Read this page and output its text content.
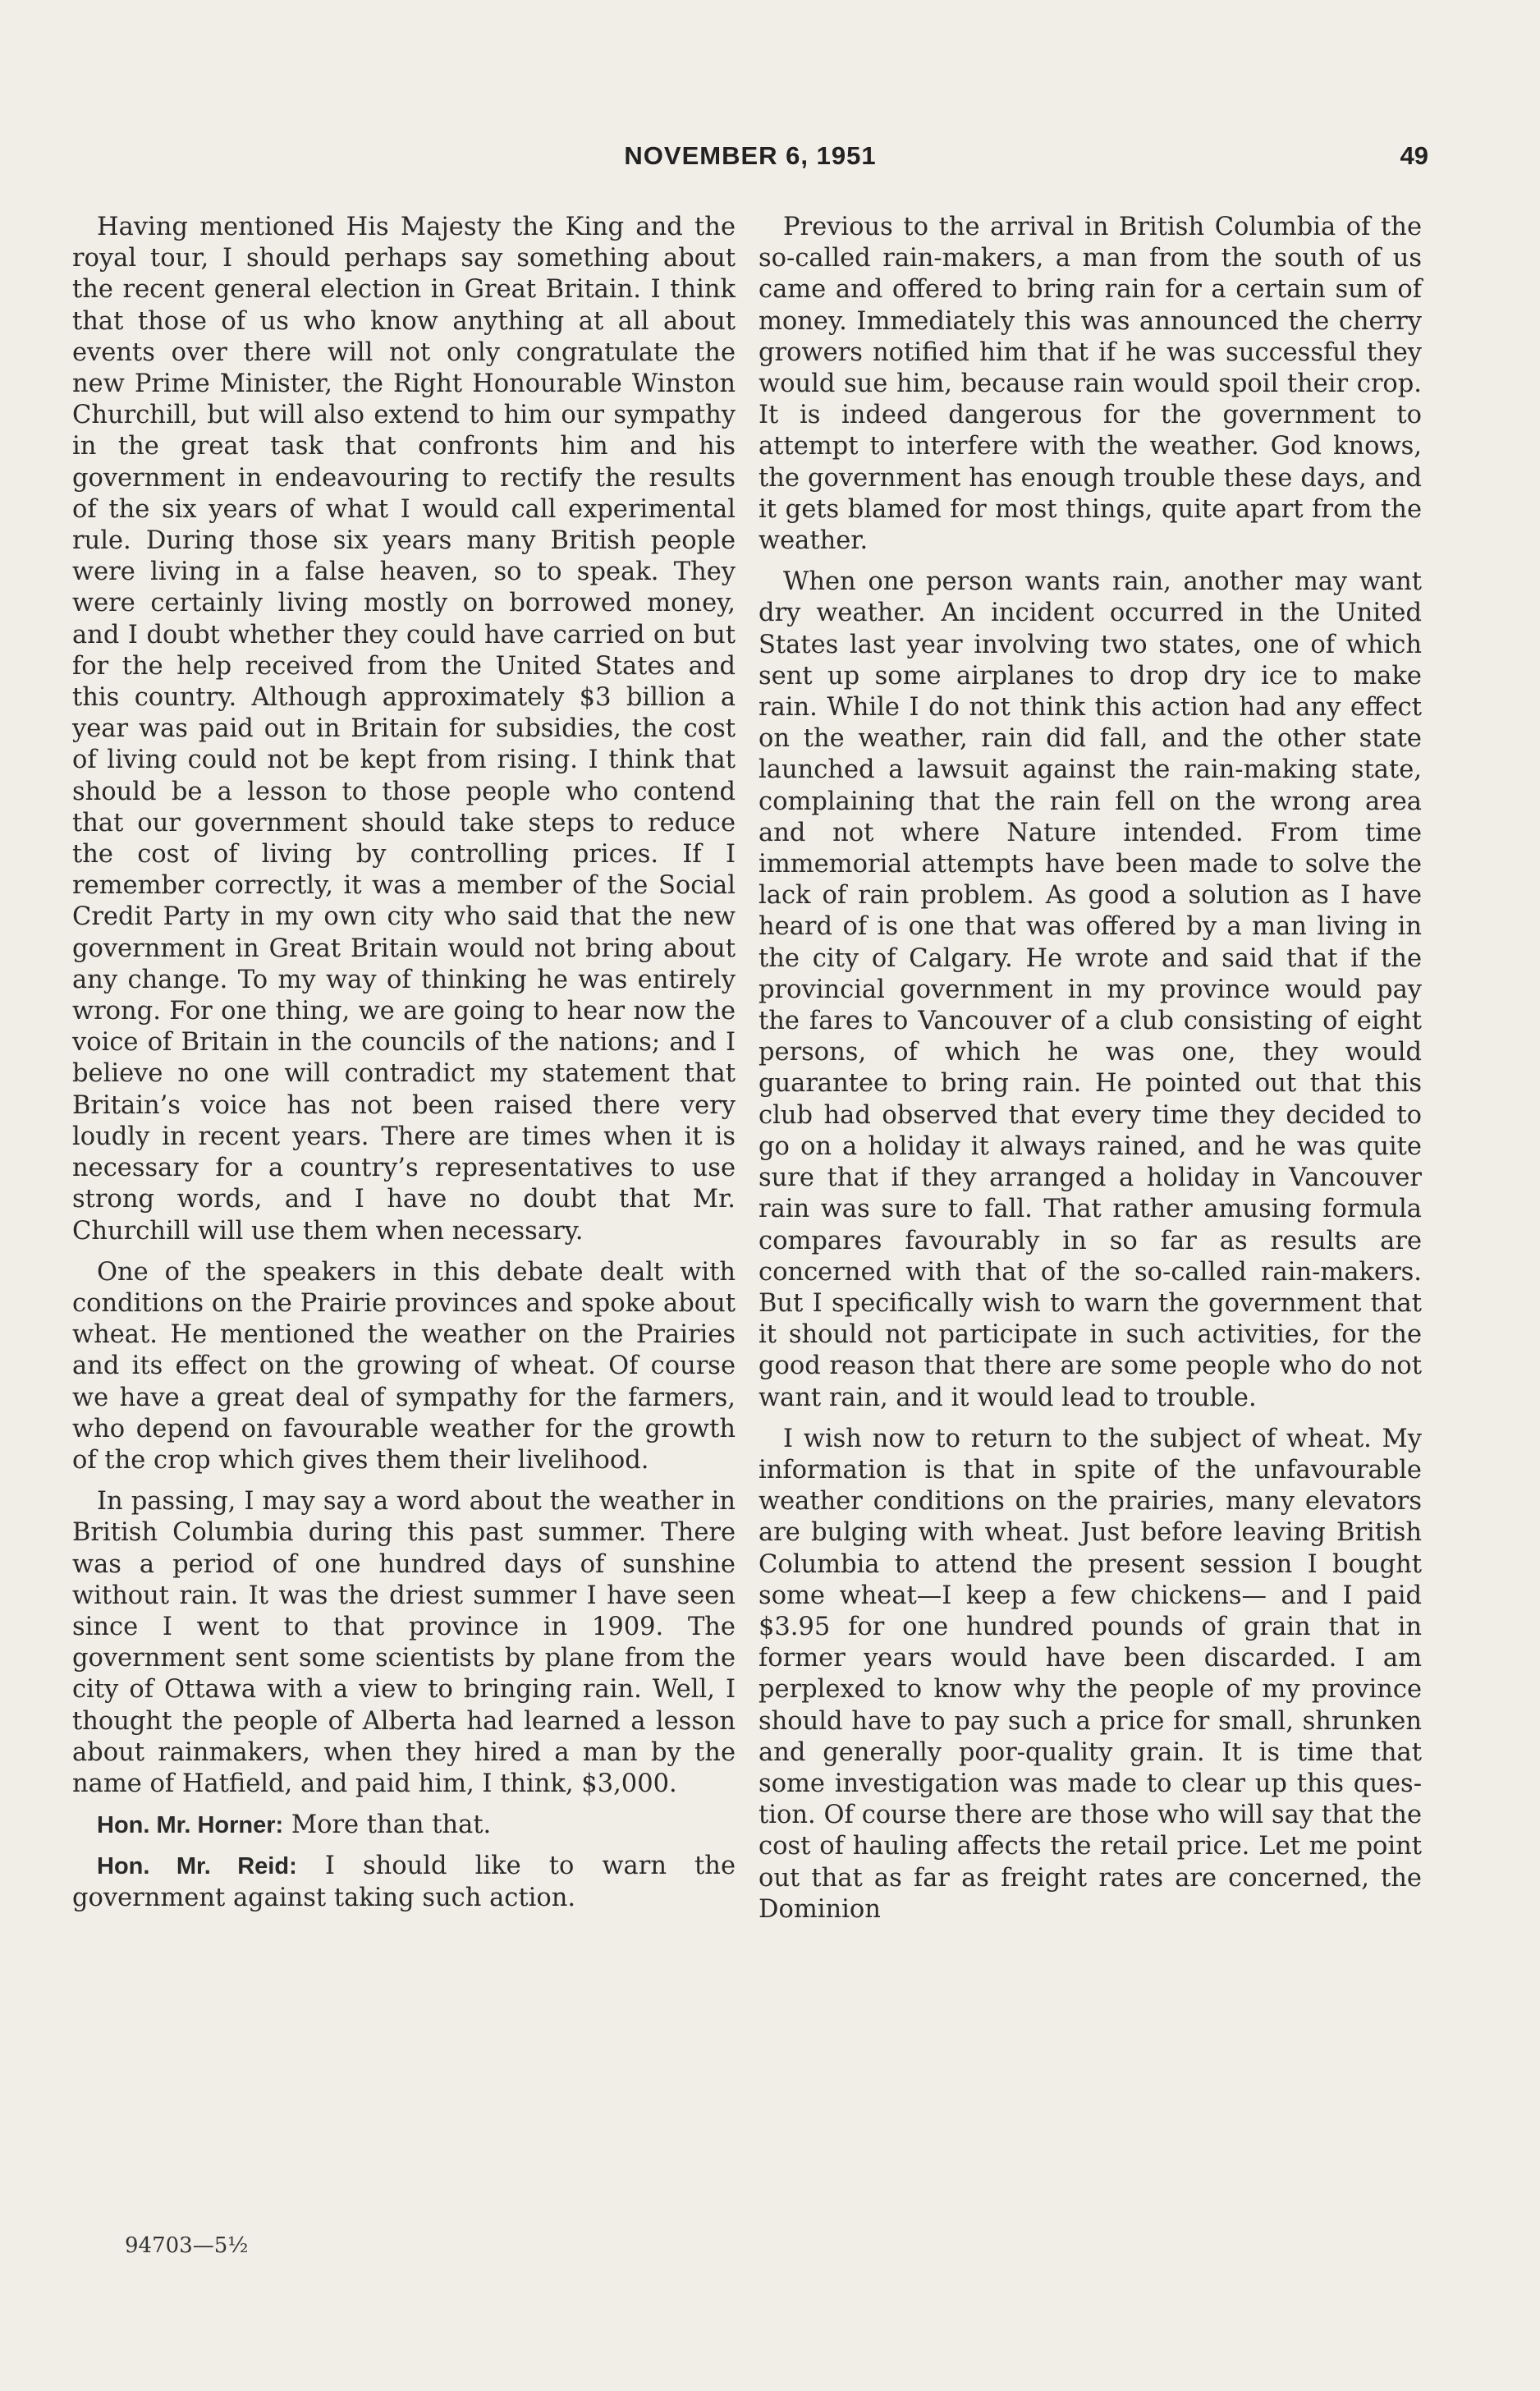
NOVEMBER 6, 1951	49

Having mentioned His Majesty the King and the royal tour, I should perhaps say something about the recent general election in Great Britain. I think that those of us who know anything at all about events over there will not only congratulate the new Prime Minister, the Right Honourable Winston Churchill, but will also extend to him our sympathy in the great task that confronts him and his government in endeavouring to rectify the results of the six years of what I would call experimental rule. During those six years many British people were living in a false heaven, so to speak. They were certainly living mostly on borrowed money, and I doubt whether they could have carried on but for the help received from the United States and this country. Although approximately $3 billion a year was paid out in Britain for subsidies, the cost of living could not be kept from rising. I think that should be a lesson to those people who contend that our government should take steps to reduce the cost of living by controlling prices. If I remember correctly, it was a member of the Social Credit Party in my own city who said that the new government in Great Britain would not bring about any change. To my way of thinking he was entirely wrong. For one thing, we are going to hear now the voice of Britain in the councils of the nations; and I believe no one will contradict my statement that Britain’s voice has not been raised there very loudly in recent years. There are times when it is necessary for a country’s representatives to use strong words, and I have no doubt that Mr. Churchill will use them when necessary.

One of the speakers in this debate dealt with conditions on the Prairie provinces and spoke about wheat. He mentioned the weather on the Prairies and its effect on the growing of wheat. Of course we have a great deal of sympathy for the farmers, who depend on favourable weather for the growth of the crop which gives them their livelihood.

In passing, I may say a word about the weather in British Columbia during this past summer. There was a period of one hundred days of sunshine without rain. It was the driest summer I have seen since I went to that province in 1909. The government sent some scientists by plane from the city of Ottawa with a view to bringing rain. Well, I thought the people of Alberta had learned a lesson about rainmakers, when they hired a man by the name of Hatfield, and paid him, I think, $3,000.

Hon. Mr. Horner: More than that.

Hon. Mr. Reid: I should like to warn the government against taking such action.

Previous to the arrival in British Columbia of the so-called rain-makers, a man from the south of us came and offered to bring rain for a certain sum of money. Immediately this was announced the cherry growers notified him that if he was successful they would sue him, because rain would spoil their crop. It is indeed dangerous for the government to attempt to interfere with the weather. God knows, the government has enough trouble these days, and it gets blamed for most things, quite apart from the weather.

When one person wants rain, another may want dry weather. An incident occurred in the United States last year involving two states, one of which sent up some airplanes to drop dry ice to make rain. While I do not think this action had any effect on the weather, rain did fall, and the other state launched a lawsuit against the rain-making state, complaining that the rain fell on the wrong area and not where Nature intended. From time immemorial attempts have been made to solve the lack of rain problem. As good a solution as I have heard of is one that was offered by a man living in the city of Calgary. He wrote and said that if the provincial government in my province would pay the fares to Vancouver of a club consisting of eight persons, of which he was one, they would guarantee to bring rain. He pointed out that this club had observed that every time they decided to go on a holiday it always rained, and he was quite sure that if they arranged a holiday in Vancouver rain was sure to fall. That rather amusing formula compares favourably in so far as results are concerned with that of the so-called rain-makers. But I specifically wish to warn the government that it should not participate in such activities, for the good reason that there are some people who do not want rain, and it would lead to trouble.

I wish now to return to the subject of wheat. My information is that in spite of the unfavourable weather conditions on the prairies, many elevators are bulging with wheat. Just before leaving British Columbia to attend the present session I bought some wheat—I keep a few chickens— and I paid $3.95 for one hundred pounds of grain that in former years would have been discarded. I am perplexed to know why the people of my province should have to pay such a price for small, shrunken and generally poor-quality grain. It is time that some investigation was made to clear up this question. Of course there are those who will say that the cost of hauling affects the retail price. Let me point out that as far as freight rates are concerned, the Dominion

94703—5½
